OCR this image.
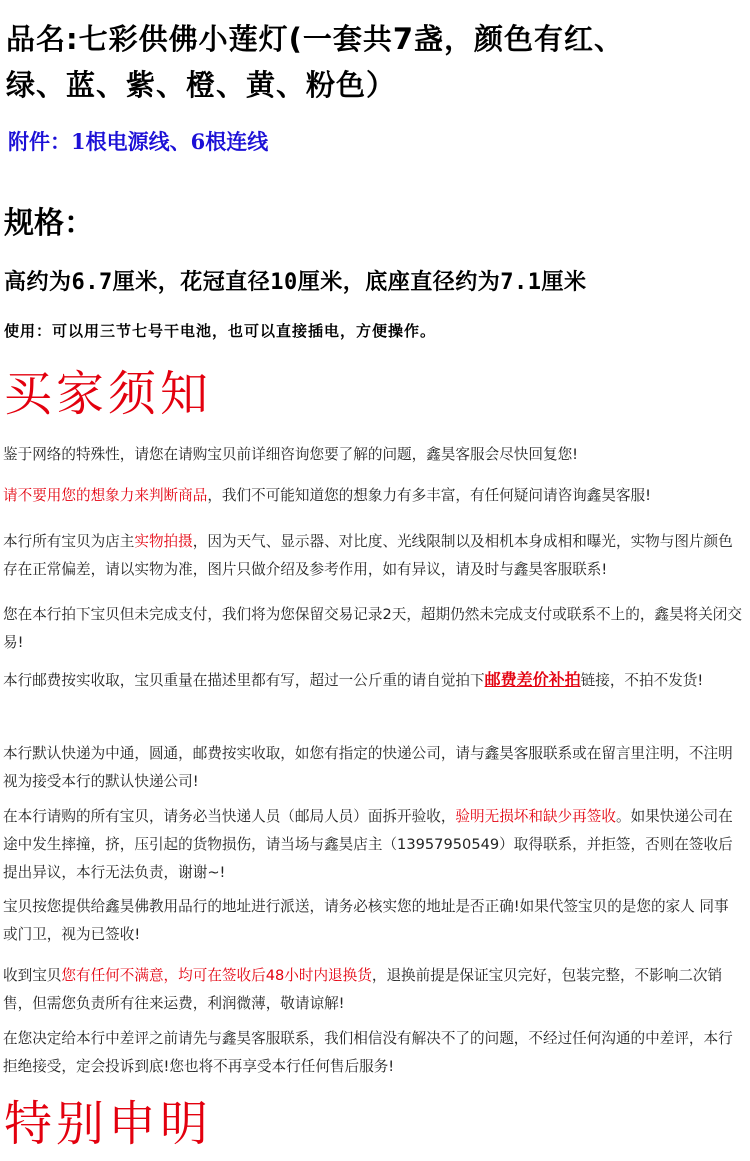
品名:七彩供佛小莲灯(一套共7盏，颜色有红、
绿、蓝、紫、橙、黄、粉色）
附件：1根电源线、6根连线
规格：
高约为6.7厘米，花冠直径10厘米，底座直径约为7.1厘米
使用：可以用三节七号干电池，也可以直接插电，方便操作。
买家须知

鉴于网络的特殊性，请您在请购宝贝前详细咨询您要了解的问题，鑫昊客服会尽快回复您!

请不要用您的想象力来判断商品，我们不可能知道您的想象力有多丰富，有任何疑问请咨询鑫昊客服!

本行所有宝贝为店主实物拍摄，因为天气、显示器、对比度、光线限制以及相机本身成相和曝光，实物与图片颜色存在正常偏差，请以实物为准，图片只做介绍及参考作用，如有异议，请及时与鑫昊客服联系!

您在本行拍下宝贝但未完成支付，我们将为您保留交易记录2天，超期仍然未完成支付或联系不上的，鑫昊将关闭交易!

本行邮费按实收取，宝贝重量在描述里都有写，超过一公斤重的请自觉拍下邮费差价补拍链接，不拍不发货!

本行默认快递为中通，圆通，邮费按实收取，如您有指定的快递公司，请与鑫昊客服联系或在留言里注明，不注明视为接受本行的默认快递公司!

在本行请购的所有宝贝，请务必当快递人员（邮局人员）面拆开验收，验明无损坏和缺少再签收。如果快递公司在途中发生摔撞，挤，压引起的货物损伤，请当场与鑫昊店主（13957950549）取得联系，并拒签，否则在签收后提出异议，本行无法负责，谢谢~!

宝贝按您提供给鑫昊佛教用品行的地址进行派送，请务必核实您的地址是否正确!如果代签宝贝的是您的家人 同事 或门卫，视为已签收!

收到宝贝您有任何不满意，均可在签收后48小时内退换货，退换前提是保证宝贝完好，包装完整，不影响二次销售，但需您负责所有往来运费，利润微薄，敬请谅解!

在您决定给本行中差评之前请先与鑫昊客服联系，我们相信没有解决不了的问题，不经过任何沟通的中差评，本行拒绝接受，定会投诉到底!您也将不再享受本行任何售后服务!

特别申明
